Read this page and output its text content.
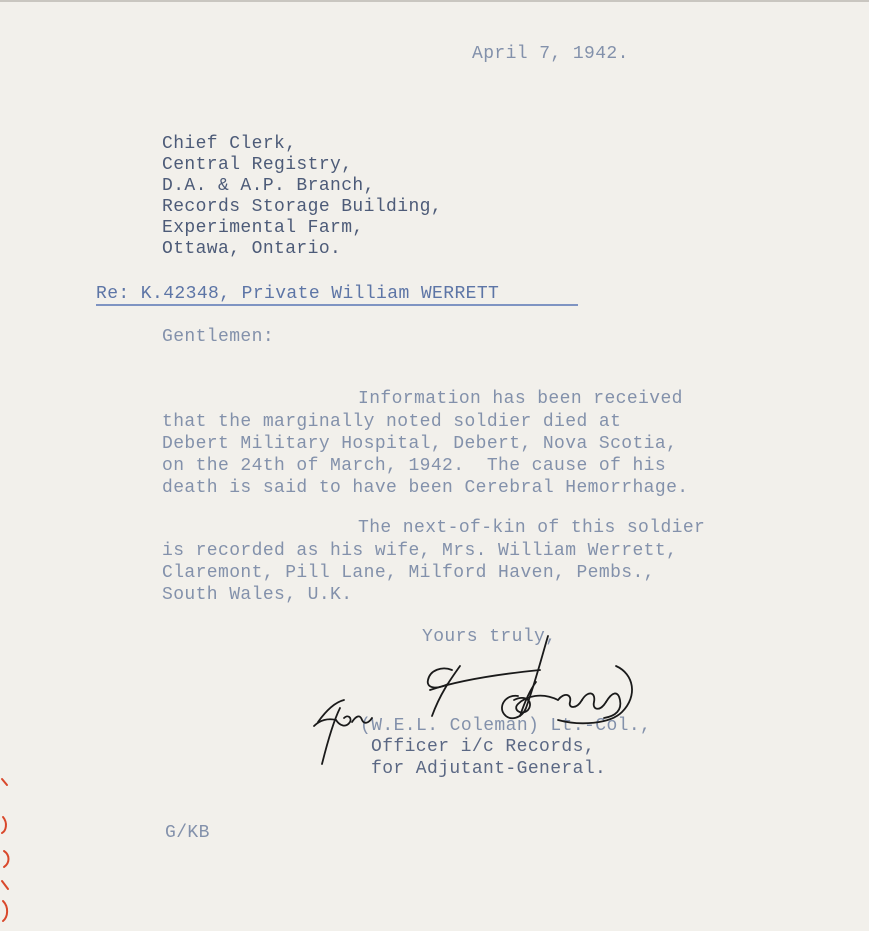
April 7, 1942.
Chief Clerk,
Central Registry,
D.A. & A.P. Branch,
Records Storage Building,
Experimental Farm,
Ottawa, Ontario.
Re: K.42348, Private William WERRETT
Gentlemen:
Information has been received
that the marginally noted soldier died at
Debert Military Hospital, Debert, Nova Scotia,
on the 24th of March, 1942.  The cause of his
death is said to have been Cerebral Hemorrhage.
The next-of-kin of this soldier
is recorded as his wife, Mrs. William Werrett,
Claremont, Pill Lane, Milford Haven, Pembs.,
South Wales, U.K.
Yours truly,
(W.E.L. Coleman) Lt.-Col.,
Officer i/c Records,
for Adjutant-General.
G/KB
